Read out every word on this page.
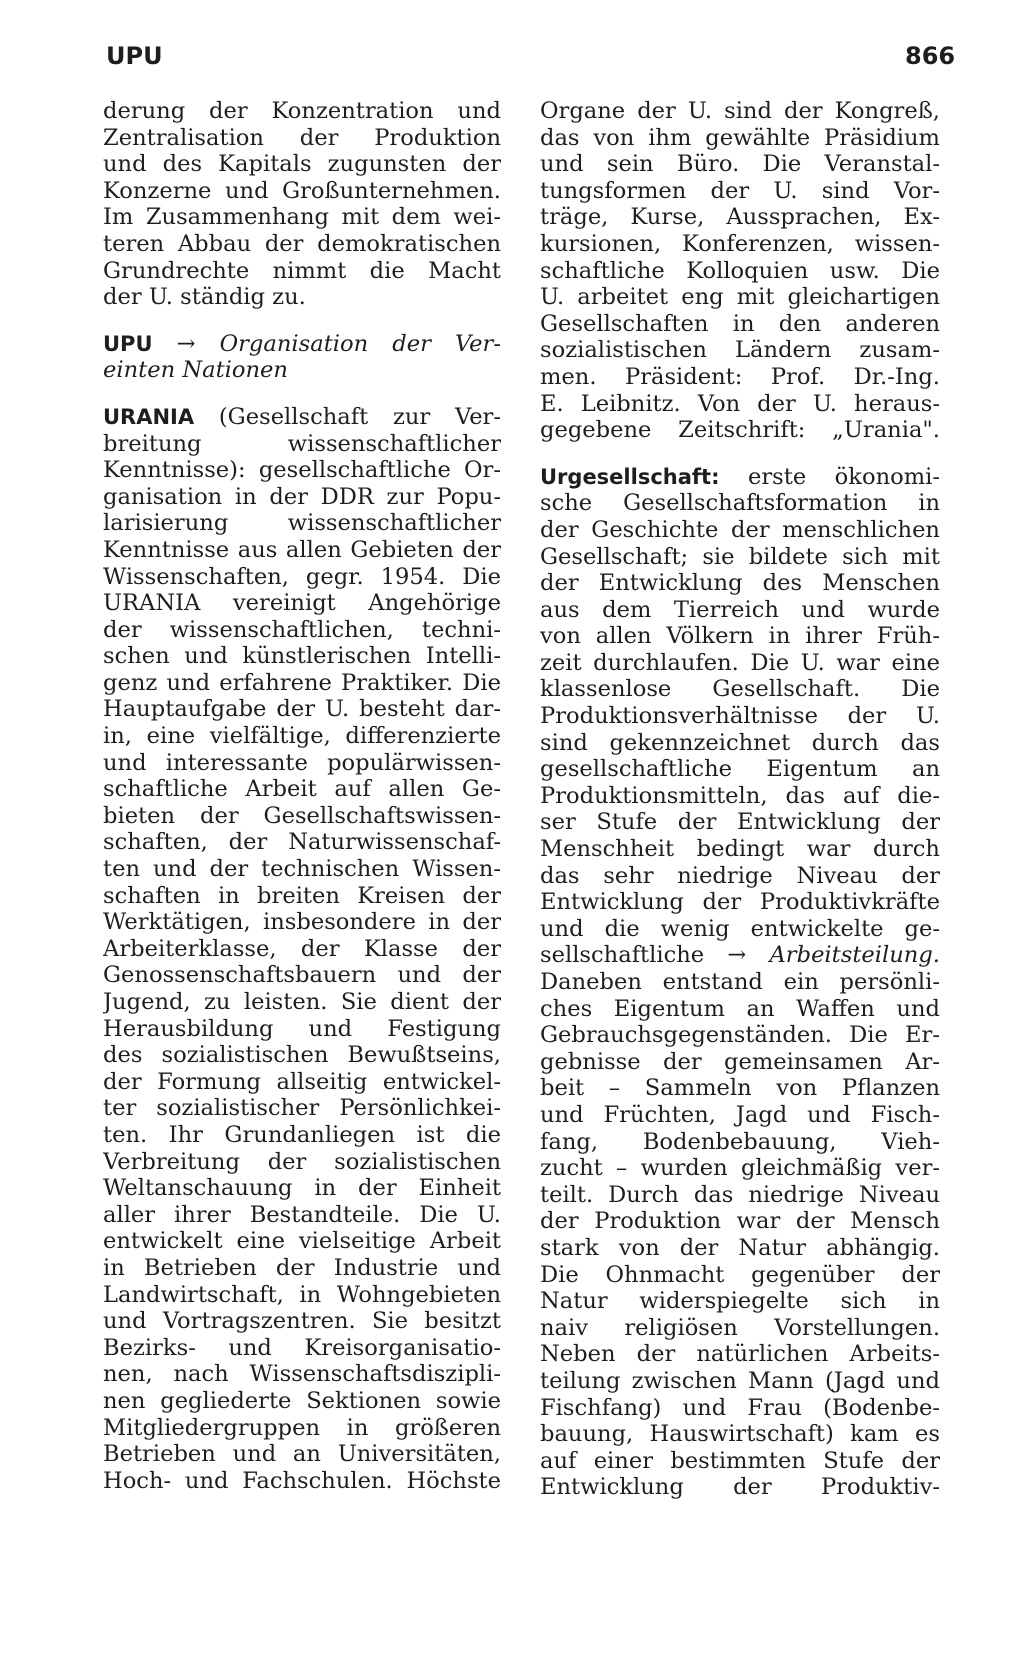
UPU	866
derung der Konzentration und
Zentralisation der Produktion
und des Kapitals zugunsten der
Konzerne und Großunternehmen.
Im Zusammenhang mit dem wei-
teren Abbau der demokratischen
Grundrechte nimmt die Macht
der U. ständig zu.
UPU → Organisation der Ver-
einten Nationen
URANIA (Gesellschaft zur Ver-
breitung wissenschaftlicher
Kenntnisse): gesellschaftliche Or-
ganisation in der DDR zur Popu-
larisierung wissenschaftlicher
Kenntnisse aus allen Gebieten der
Wissenschaften, gegr. 1954. Die
URANIA vereinigt Angehörige
der wissenschaftlichen, techni-
schen und künstlerischen Intelli-
genz und erfahrene Praktiker. Die
Hauptaufgabe der U. besteht dar-
in, eine vielfältige, differenzierte
und interessante populärwissen-
schaftliche Arbeit auf allen Ge-
bieten der Gesellschaftswissen-
schaften, der Naturwissenschaf-
ten und der technischen Wissen-
schaften in breiten Kreisen der
Werktätigen, insbesondere in der
Arbeiterklasse, der Klasse der
Genossenschaftsbauern und der
Jugend, zu leisten. Sie dient der
Herausbildung und Festigung
des sozialistischen Bewußtseins,
der Formung allseitig entwickel-
ter sozialistischer Persönlichkei-
ten. Ihr Grundanliegen ist die
Verbreitung der sozialistischen
Weltanschauung in der Einheit
aller ihrer Bestandteile. Die U.
entwickelt eine vielseitige Arbeit
in Betrieben der Industrie und
Landwirtschaft, in Wohngebieten
und Vortragszentren. Sie besitzt
Bezirks- und Kreisorganisatio-
nen, nach Wissenschaftsdiszipli-
nen gegliederte Sektionen sowie
Mitgliedergruppen in größeren
Betrieben und an Universitäten,
Hoch- und Fachschulen. Höchste
Organe der U. sind der Kongreß,
das von ihm gewählte Präsidium
und sein Büro. Die Veranstal-
tungsformen der U. sind Vor-
träge, Kurse, Aussprachen, Ex-
kursionen, Konferenzen, wissen-
schaftliche Kolloquien usw. Die
U. arbeitet eng mit gleichartigen
Gesellschaften in den anderen
sozialistischen Ländern zusam-
men. Präsident: Prof. Dr.-Ing.
E. Leibnitz. Von der U. heraus-
gegebene Zeitschrift: „Urania".
Urgesellschaft: erste ökonomi-
sche Gesellschaftsformation in
der Geschichte der menschlichen
Gesellschaft; sie bildete sich mit
der Entwicklung des Menschen
aus dem Tierreich und wurde
von allen Völkern in ihrer Früh-
zeit durchlaufen. Die U. war eine
klassenlose Gesellschaft. Die
Produktionsverhältnisse der U.
sind gekennzeichnet durch das
gesellschaftliche Eigentum an
Produktionsmitteln, das auf die-
ser Stufe der Entwicklung der
Menschheit bedingt war durch
das sehr niedrige Niveau der
Entwicklung der Produktivkräfte
und die wenig entwickelte ge-
sellschaftliche → Arbeitsteilung.
Daneben entstand ein persönli-
ches Eigentum an Waffen und
Gebrauchsgegenständen. Die Er-
gebnisse der gemeinsamen Ar-
beit – Sammeln von Pflanzen
und Früchten, Jagd und Fisch-
fang, Bodenbebauung, Vieh-
zucht – wurden gleichmäßig ver-
teilt. Durch das niedrige Niveau
der Produktion war der Mensch
stark von der Natur abhängig.
Die Ohnmacht gegenüber der
Natur widerspiegelte sich in
naiv religiösen Vorstellungen.
Neben der natürlichen Arbeits-
teilung zwischen Mann (Jagd und
Fischfang) und Frau (Bodenbe-
bauung, Hauswirtschaft) kam es
auf einer bestimmten Stufe der
Entwicklung der Produktiv-
